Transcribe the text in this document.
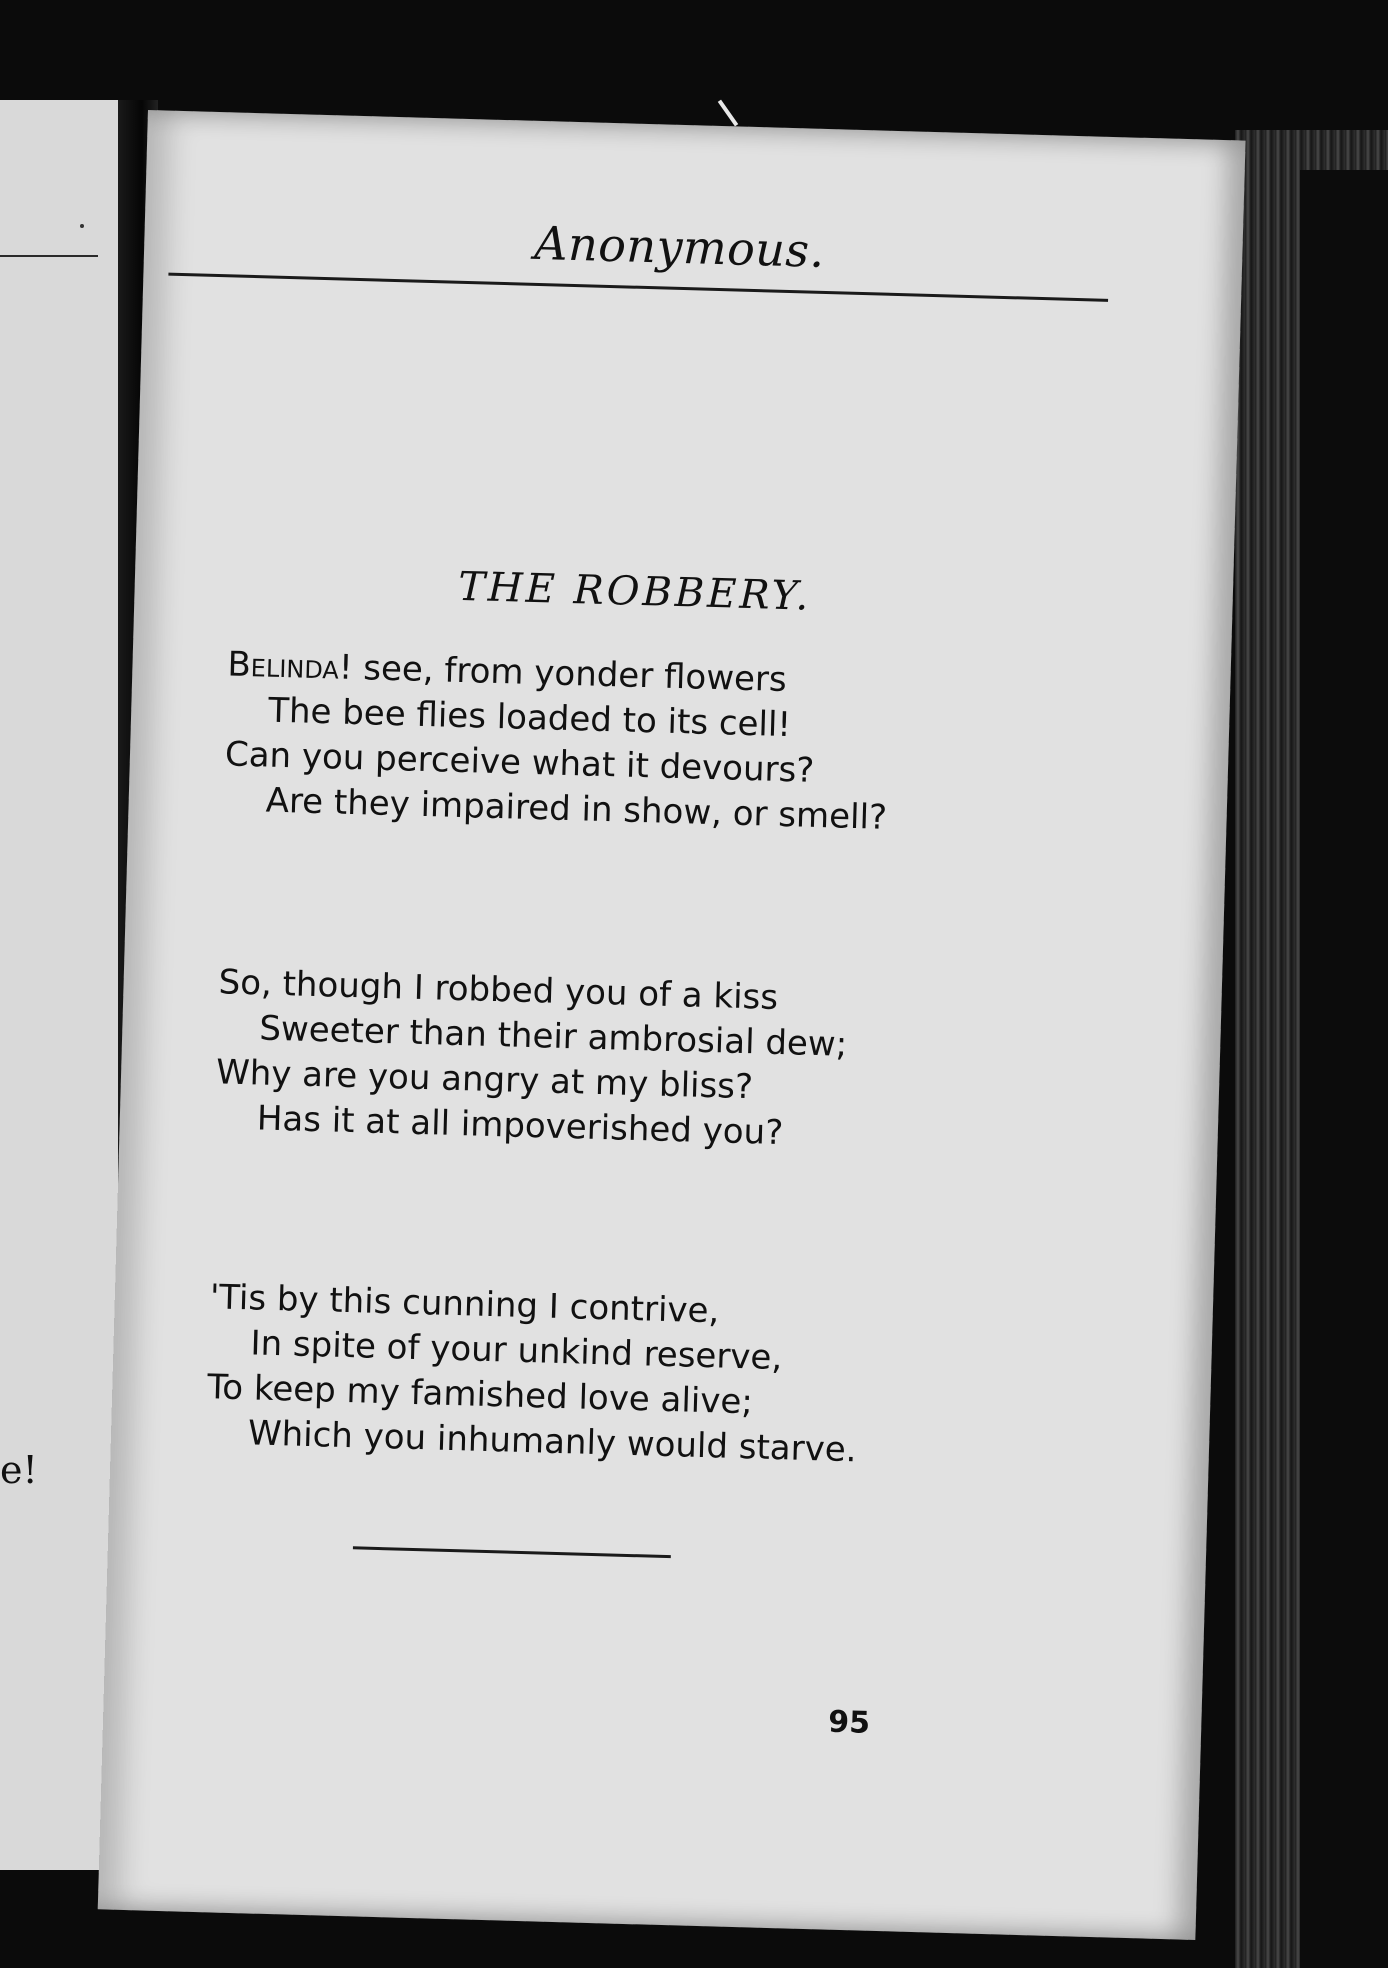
e!
Anonymous.
THE ROBBERY.
Belinda! see, from yonder flowers
The bee flies loaded to its cell!
Can you perceive what it devours?
Are they impaired in show, or smell?
So, though I robbed you of a kiss
Sweeter than their ambrosial dew;
Why are you angry at my bliss?
Has it at all impoverished you?
'Tis by this cunning I contrive,
In spite of your unkind reserve,
To keep my famished love alive;
Which you inhumanly would starve.
95
